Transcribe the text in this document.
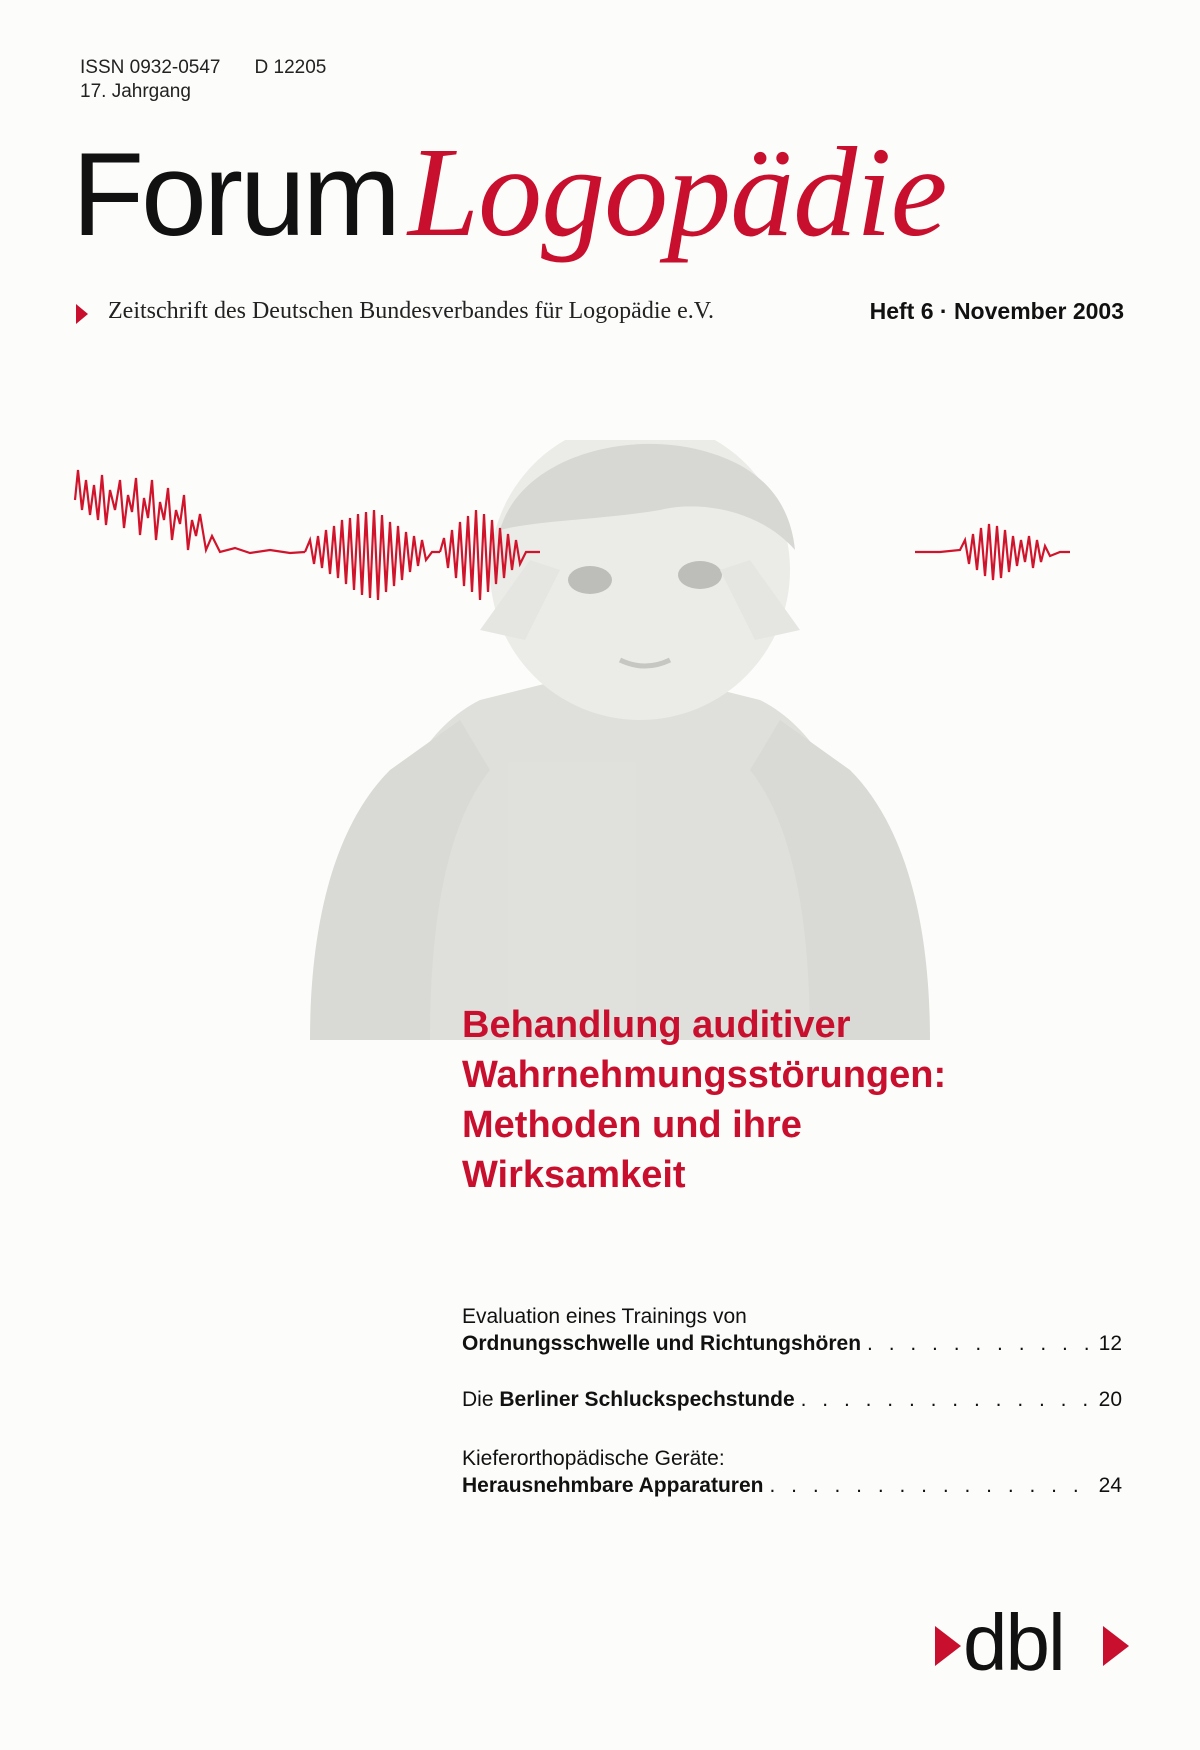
ISSN 0932-0547 D 12205
17. Jahrgang
ForumLogopädie
Zeitschrift des Deutschen Bundesverbandes für Logopädie e.V.	Heft 6 · November 2003
Behandlung auditiver
Wahrnehmungsstörungen:
Methoden und ihre
Wirksamkeit
Evaluation eines Trainings von
Ordnungsschwelle und Richtungshören . . .	12
Die Berliner Schluckspechstunde . . .	20
Kieferorthopädische Geräte:
Herausnehmbare Apparaturen . . .	24
dbl
